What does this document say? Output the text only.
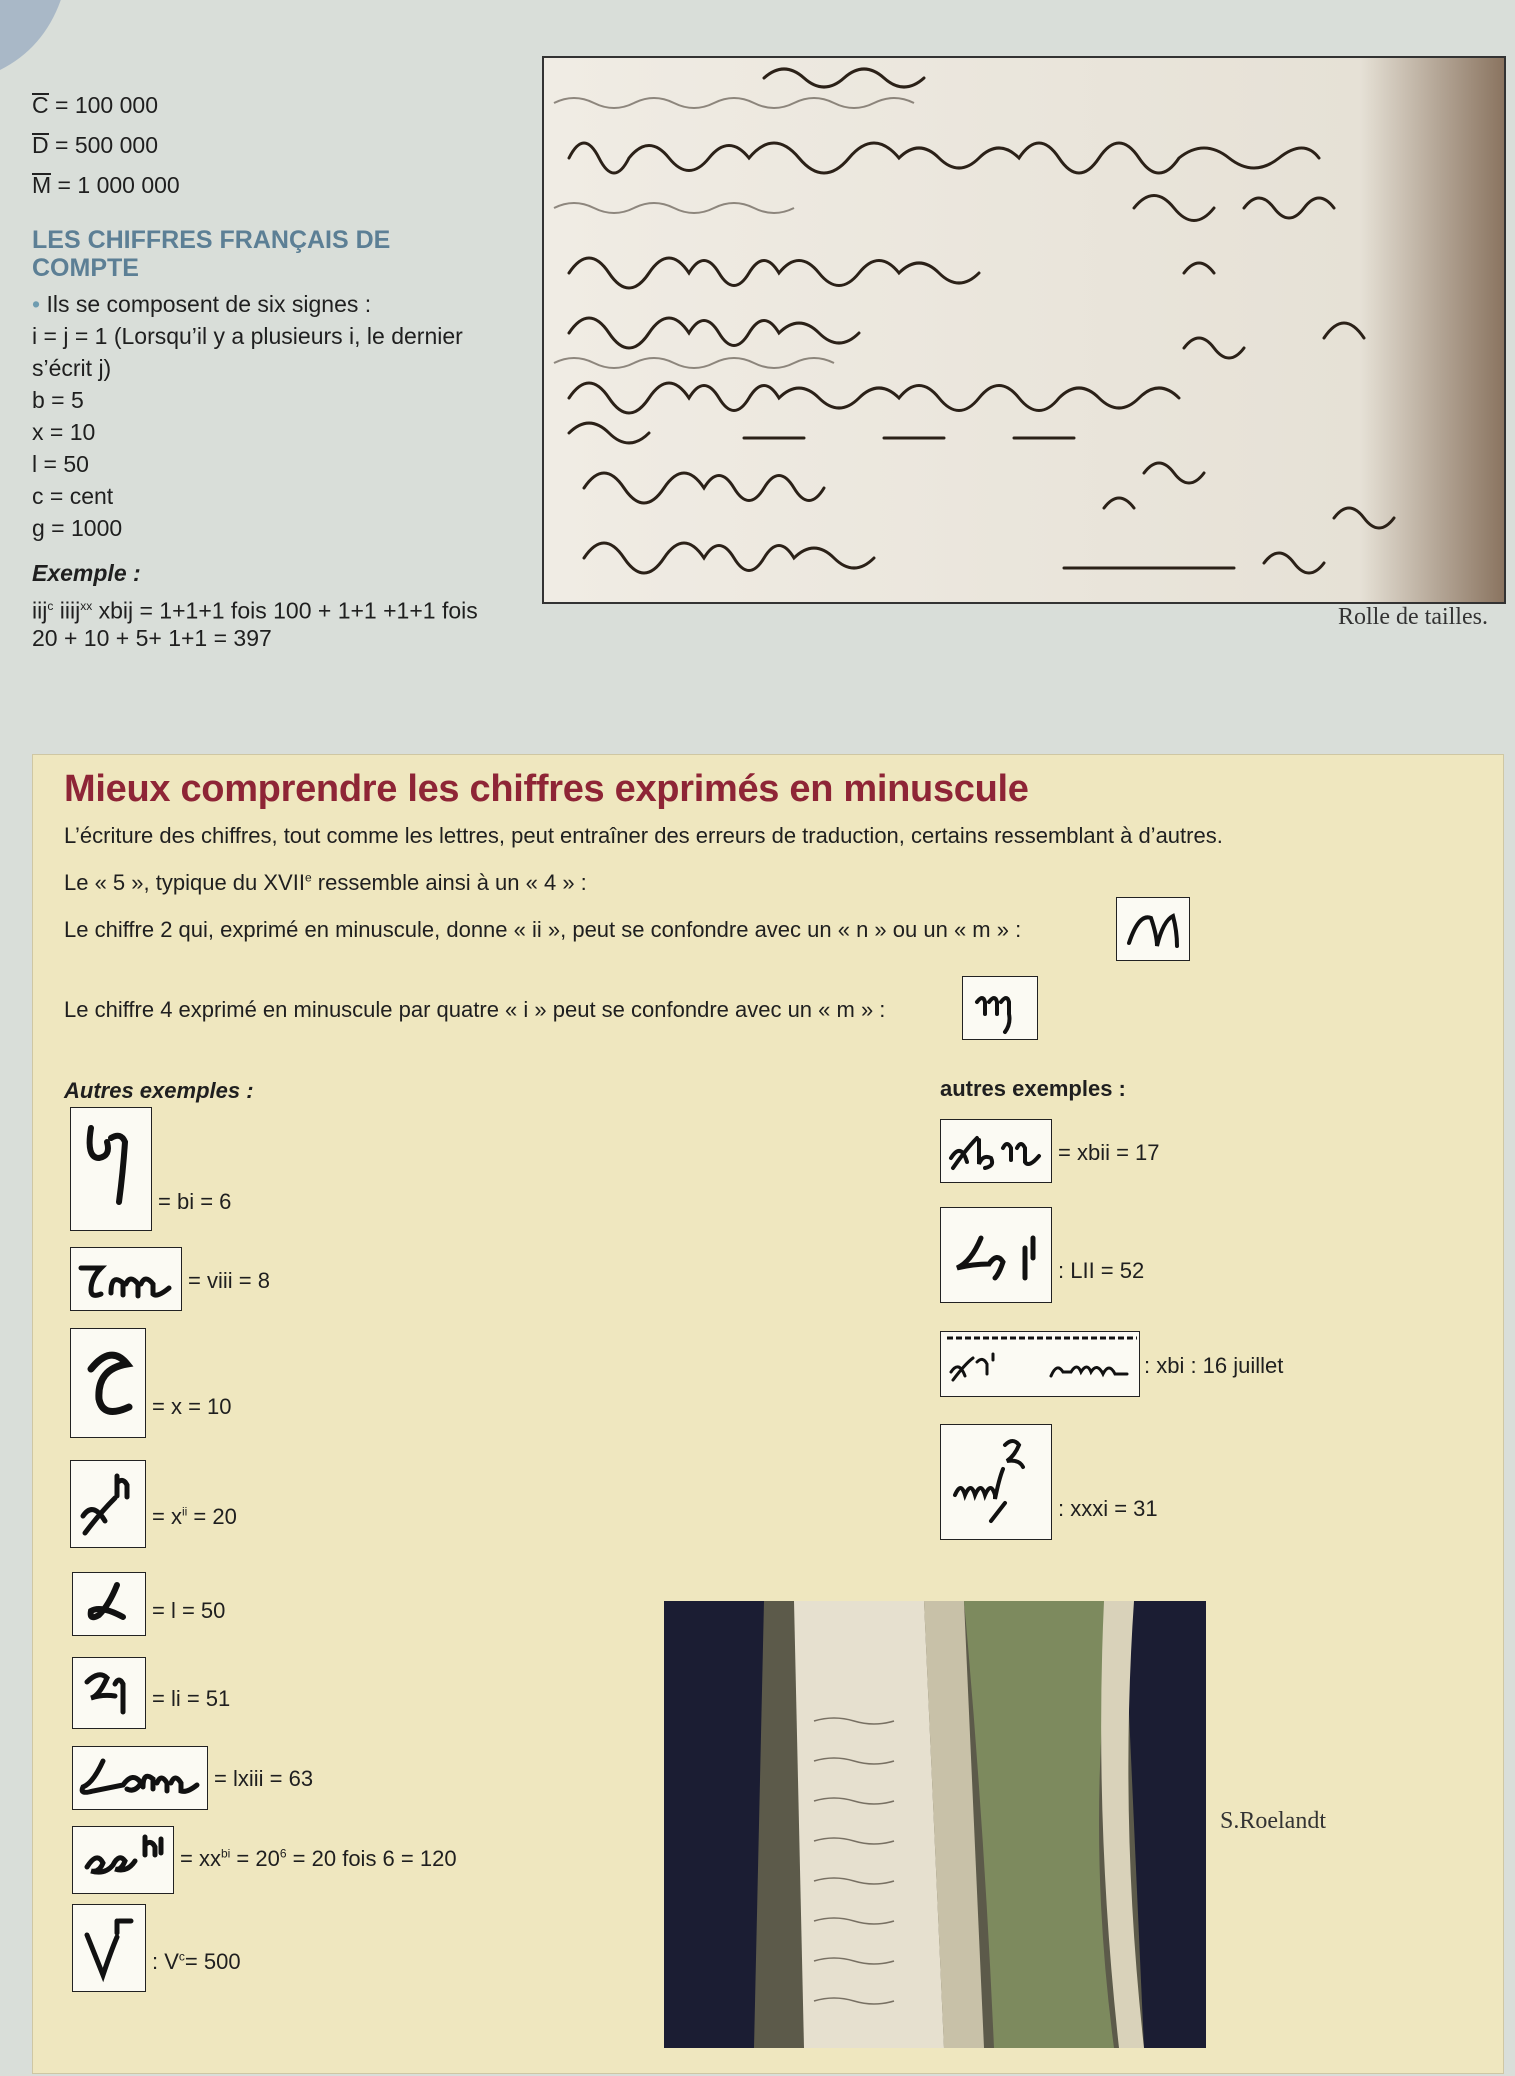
C = 100 000
D = 500 000
M = 1 000 000
LES CHIFFRES FRANÇAIS DE
COMPTE
• Ils se composent de six signes :
i = j = 1 (Lorsqu’il y a plusieurs i, le dernier
s’écrit j)
b = 5
x = 10
l = 50
c = cent
g = 1000
Exemple :
iij$^c$ iiij$^{xx}$ xbij = 1+1+1 fois 100 + 1+1 +1+1 fois
20 + 10 + 5+ 1+1 = 397
Rolle de tailles.
Mieux comprendre les chiffres exprimés en minuscule
L’écriture des chiffres, tout comme les lettres, peut entraîner des erreurs de traduction, certains ressemblant à d’autres.
Le « 5 », typique du XVIIe ressemble ainsi à un « 4 » :
Le chiffre 2 qui, exprimé en minuscule, donne « ii », peut se confondre avec un « n » ou un « m » :
Le chiffre 4 exprimé en minuscule par quatre « i » peut se confondre avec un « m » :
Autres exemples :	autres exemples :
= bi = 6
= viii = 8
= x = 10
= $x^{ii} = 20$
= l = 50
= li = 51
= lxiii = 63
= $xx^{bi} = 20^6 = 20$ fois 6 = 120
: $V^c= 500$
= xbii = 17
: LII = 52
: xbi : 16 juillet
: xxxi = 31
S.Roelandt
